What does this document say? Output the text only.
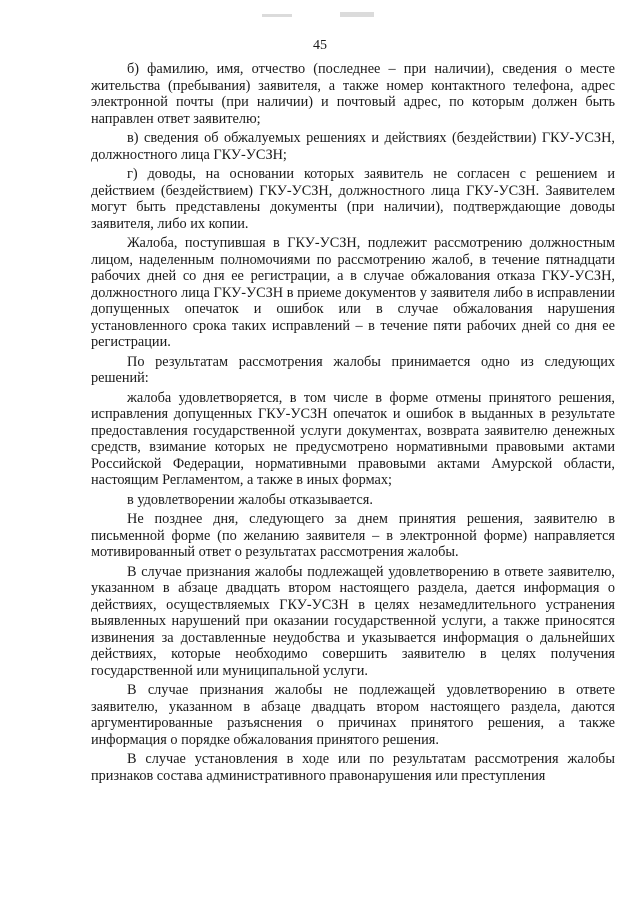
45

б) фамилию, имя, отчество (последнее – при наличии), сведения о месте жительства (пребывания) заявителя, а также номер контактного телефона, адрес электронной почты (при наличии) и почтовый адрес, по которым должен быть направлен ответ заявителю;

в) сведения об обжалуемых решениях и действиях (бездействии) ГКУ-УСЗН, должностного лица ГКУ-УСЗН;

г) доводы, на основании которых заявитель не согласен с решением и действием (бездействием) ГКУ-УСЗН, должностного лица ГКУ-УСЗН. Заявителем могут быть представлены документы (при наличии), подтверждающие доводы заявителя, либо их копии.

Жалоба, поступившая в ГКУ-УСЗН, подлежит рассмотрению должностным лицом, наделенным полномочиями по рассмотрению жалоб, в течение пятнадцати рабочих дней со дня ее регистрации, а в случае обжалования отказа ГКУ-УСЗН, должностного лица ГКУ-УСЗН в приеме документов у заявителя либо в исправлении допущенных опечаток и ошибок или в случае обжалования нарушения установленного срока таких исправлений – в течение пяти рабочих дней со дня ее регистрации.

По результатам рассмотрения жалобы принимается одно из следующих решений:

жалоба удовлетворяется, в том числе в форме отмены принятого решения, исправления допущенных ГКУ-УСЗН опечаток и ошибок в выданных в результате предоставления государственной услуги документах, возврата заявителю денежных средств, взимание которых не предусмотрено нормативными правовыми актами Российской Федерации, нормативными правовыми актами Амурской области, настоящим Регламентом, а также в иных формах;

в удовлетворении жалобы отказывается.

Не позднее дня, следующего за днем принятия решения, заявителю в письменной форме (по желанию заявителя – в электронной форме) направляется мотивированный ответ о результатах рассмотрения жалобы.

В случае признания жалобы подлежащей удовлетворению в ответе заявителю, указанном в абзаце двадцать втором настоящего раздела, дается информация о действиях, осуществляемых ГКУ-УСЗН в целях незамедлительного устранения выявленных нарушений при оказании государственной услуги, а также приносятся извинения за доставленные неудобства и указывается информация о дальнейших действиях, которые необходимо совершить заявителю в целях получения государственной или муниципальной услуги.

В случае признания жалобы не подлежащей удовлетворению в ответе заявителю, указанном в абзаце двадцать втором настоящего раздела, даются аргументированные разъяснения о причинах принятого решения, а также информация о порядке обжалования принятого решения.

В случае установления в ходе или по результатам рассмотрения жалобы признаков состава административного правонарушения или преступления
